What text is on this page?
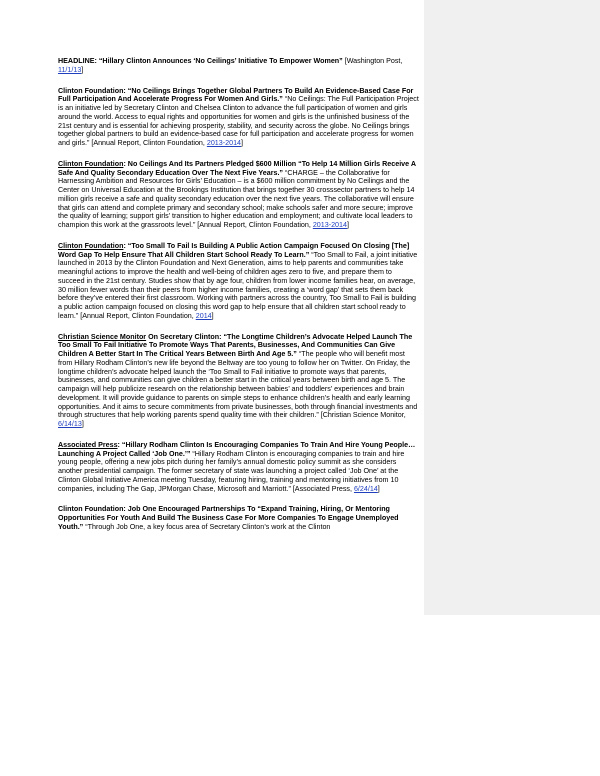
HEADLINE: “Hillary Clinton Announces ‘No Ceilings’ Initiative To Empower Women” [Washington Post, 11/1/13]

Clinton Foundation: “No Ceilings Brings Together Global Partners To Build An Evidence-Based Case For Full Participation And Accelerate Progress For Women And Girls.” “No Ceilings: The Full Participation Project is an initiative led by Secretary Clinton and Chelsea Clinton to advance the full participation of women and girls around the world. Access to equal rights and opportunities for women and girls is the unfinished business of the 21st century and is essential for achieving prosperity, stability, and security across the globe. No Ceilings brings together global partners to build an evidence-based case for full participation and accelerate progress for women and girls.” [Annual Report, Clinton Foundation, 2013-2014]

Clinton Foundation: No Ceilings And Its Partners Pledged $600 Million “To Help 14 Million Girls Receive A Safe And Quality Secondary Education Over The Next Five Years.” “CHARGE – the Collaborative for Harnessing Ambition and Resources for Girls’ Education – is a $600 million commitment by No Ceilings and the Center on Universal Education at the Brookings Institution that brings together 30 crosssector partners to help 14 million girls receive a safe and quality secondary education over the next five years. The collaborative will ensure that girls can attend and complete primary and secondary school; make schools safer and more secure; improve the quality of learning; support girls’ transition to higher education and employment; and cultivate local leaders to champion this work at the grassroots level.” [Annual Report, Clinton Foundation, 2013-2014]

Clinton Foundation: “Too Small To Fail Is Building A Public Action Campaign Focused On Closing [The] Word Gap To Help Ensure That All Children Start School Ready To Learn.” “Too Small to Fail, a joint initiative launched in 2013 by the Clinton Foundation and Next Generation, aims to help parents and communities take meaningful actions to improve the health and well-being of children ages zero to five, and prepare them to succeed in the 21st century. Studies show that by age four, children from lower income families hear, on average, 30 million fewer words than their peers from higher income families, creating a ‘word gap’ that sets them back before they’ve entered their first classroom. Working with partners across the country, Too Small to Fail is building a public action campaign focused on closing this word gap to help ensure that all children start school ready to learn.” [Annual Report, Clinton Foundation, 2014]

Christian Science Monitor On Secretary Clinton: “The Longtime Children’s Advocate Helped Launch The Too Small To Fail Initiative To Promote Ways That Parents, Businesses, And Communities Can Give Children A Better Start In The Critical Years Between Birth And Age 5.” “The people who will benefit most from Hillary Rodham Clinton’s new life beyond the Beltway are too young to follow her on Twitter. On Friday, the longtime children’s advocate helped launch the ‘Too Small to Fail initiative to promote ways that parents, businesses, and communities can give children a better start in the critical years between birth and age 5. The campaign will help publicize research on the relationship between babies’ and toddlers’ experiences and brain development. It will provide guidance to parents on simple steps to enhance children’s health and early learning opportunities. And it aims to secure commitments from private businesses, both through financial investments and through structures that help working parents spend quality time with their children.” [Christian Science Monitor, 6/14/13]

Associated Press: “Hillary Rodham Clinton Is Encouraging Companies To Train And Hire Young People…Launching A Project Called ‘Job One.’” “Hillary Rodham Clinton is encouraging companies to train and hire young people, offering a new jobs pitch during her family’s annual domestic policy summit as she considers another presidential campaign. The former secretary of state was launching a project called ‘Job One’ at the Clinton Global Initiative America meeting Tuesday, featuring hiring, training and mentoring initiatives from 10 companies, including The Gap, JPMorgan Chase, Microsoft and Marriott.” [Associated Press, 6/24/14]

Clinton Foundation: Job One Encouraged Partnerships To “Expand Training, Hiring, Or Mentoring Opportunities For Youth And Build The Business Case For More Companies To Engage Unemployed Youth.” “Through Job One, a key focus area of Secretary Clinton’s work at the Clinton
